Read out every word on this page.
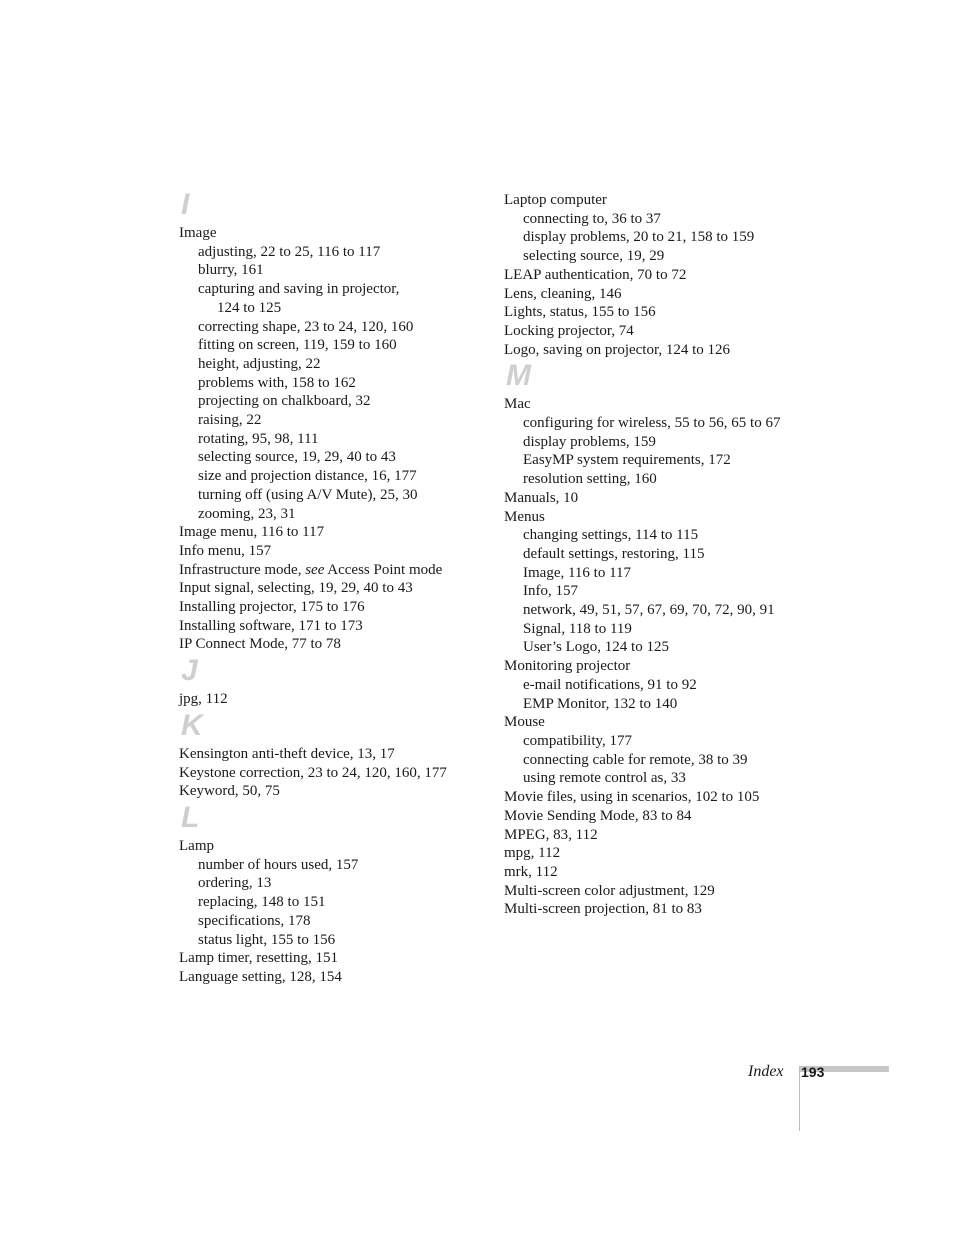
I
Image
adjusting, 22 to 25, 116 to 117
blurry, 161
capturing and saving in projector,
124 to 125
correcting shape, 23 to 24, 120, 160
fitting on screen, 119, 159 to 160
height, adjusting, 22
problems with, 158 to 162
projecting on chalkboard, 32
raising, 22
rotating, 95, 98, 111
selecting source, 19, 29, 40 to 43
size and projection distance, 16, 177
turning off (using A/V Mute), 25, 30
zooming, 23, 31
Image menu, 116 to 117
Info menu, 157
Infrastructure mode, see Access Point mode
Input signal, selecting, 19, 29, 40 to 43
Installing projector, 175 to 176
Installing software, 171 to 173
IP Connect Mode, 77 to 78
J
jpg, 112
K
Kensington anti-theft device, 13, 17
Keystone correction, 23 to 24, 120, 160, 177
Keyword, 50, 75
L
Lamp
number of hours used, 157
ordering, 13
replacing, 148 to 151
specifications, 178
status light, 155 to 156
Lamp timer, resetting, 151
Language setting, 128, 154
Laptop computer
connecting to, 36 to 37
display problems, 20 to 21, 158 to 159
selecting source, 19, 29
LEAP authentication, 70 to 72
Lens, cleaning, 146
Lights, status, 155 to 156
Locking projector, 74
Logo, saving on projector, 124 to 126
M
Mac
configuring for wireless, 55 to 56, 65 to 67
display problems, 159
EasyMP system requirements, 172
resolution setting, 160
Manuals, 10
Menus
changing settings, 114 to 115
default settings, restoring, 115
Image, 116 to 117
Info, 157
network, 49, 51, 57, 67, 69, 70, 72, 90, 91
Signal, 118 to 119
User’s Logo, 124 to 125
Monitoring projector
e-mail notifications, 91 to 92
EMP Monitor, 132 to 140
Mouse
compatibility, 177
connecting cable for remote, 38 to 39
using remote control as, 33
Movie files, using in scenarios, 102 to 105
Movie Sending Mode, 83 to 84
MPEG, 83, 112
mpg, 112
mrk, 112
Multi-screen color adjustment, 129
Multi-screen projection, 81 to 83
Index 193
